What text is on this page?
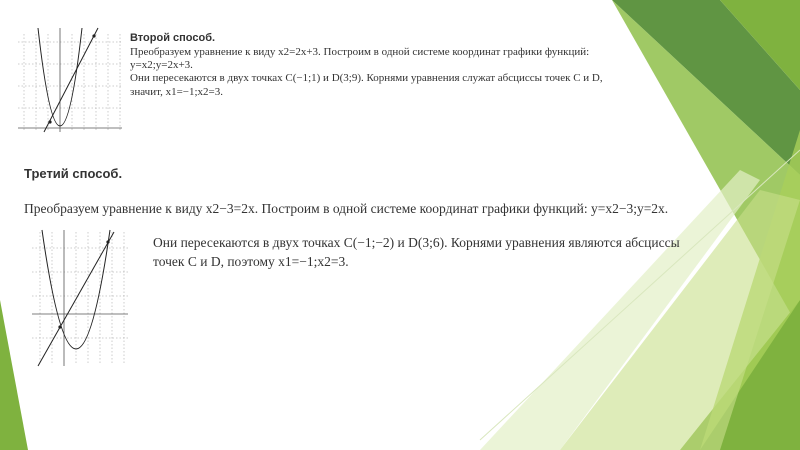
Второй способ.
Преобразуем уравнение к виду x2=2x+3. Построим в одной системе координат графики функций:
y=x2;y=2x+3.
Они пересекаются в двух точках C(−1;1) и D(3;9). Корнями уравнения служат абсциссы точек C и D,
значит, x1=−1;x2=3.
Третий способ.
Преобразуем уравнение к виду x2−3=2x. Построим в одной системе координат графики функций: y=x2−3;y=2x.
Они пересекаются в двух точках C(−1;−2) и D(3;6). Корнями уравнения являются абсциссы
точек C и D, поэтому x1=−1;x2=3.
